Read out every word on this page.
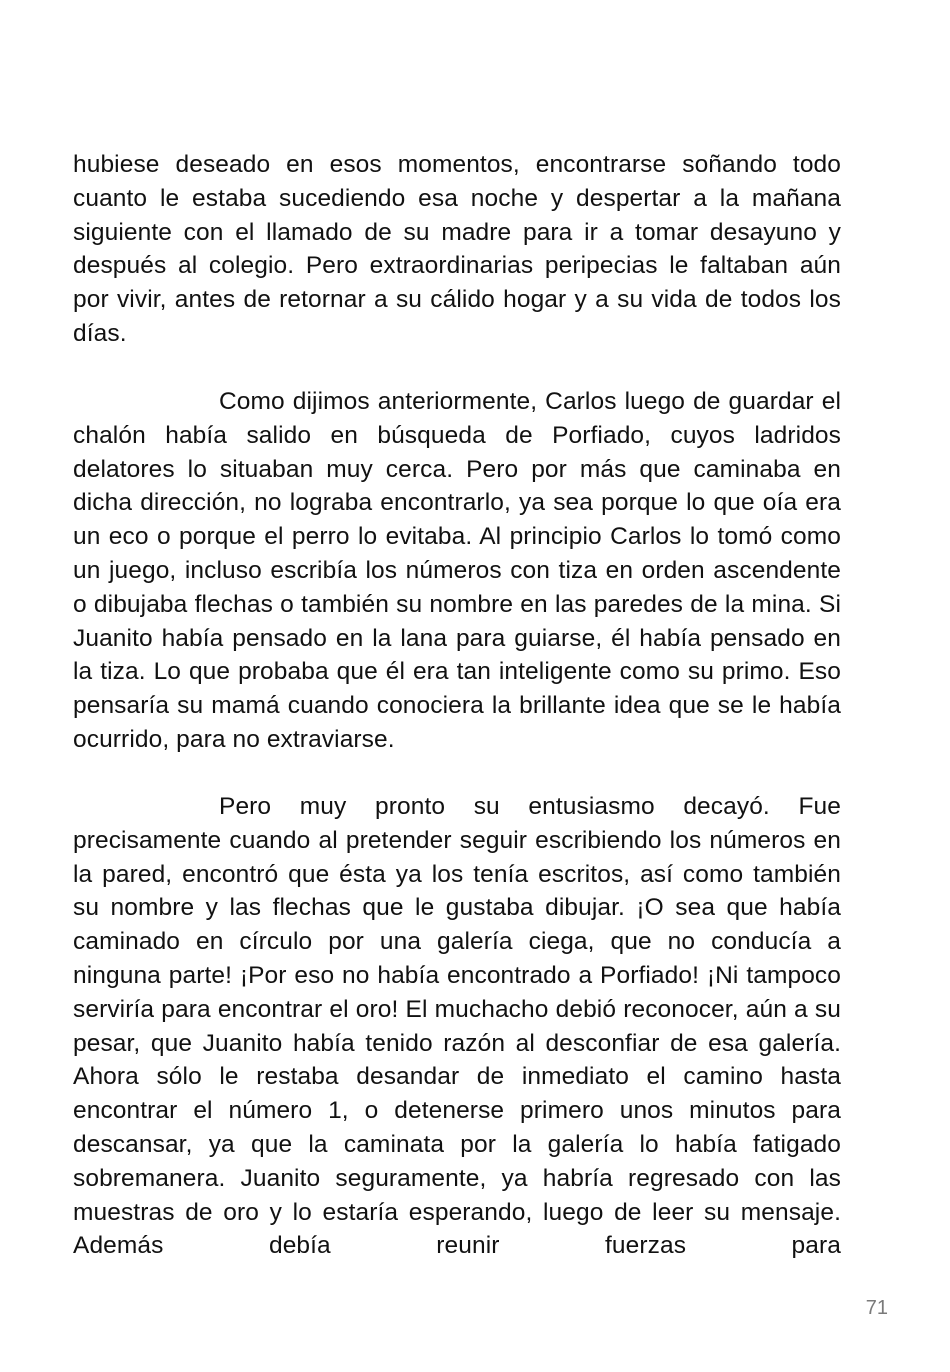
hubiese deseado en esos momentos, encontrarse soñando todo cuanto le estaba sucediendo esa noche y despertar a la mañana siguiente con el llamado de su madre para ir a tomar desayuno y después al colegio. Pero extraordinarias peripecias le faltaban aún por vivir, antes de retornar a su cálido hogar y a su vida de todos los días.

Como dijimos anteriormente, Carlos luego de guardar el chalón había salido en búsqueda de Porfiado, cuyos ladridos delatores lo situaban muy cerca. Pero por más que caminaba en dicha dirección, no lograba encontrarlo, ya sea porque lo que oía era un eco o porque el perro lo evitaba. Al principio Carlos lo tomó como un juego, incluso escribía los números con tiza en orden ascendente o dibujaba flechas o también su nombre en las paredes de la mina. Si Juanito había pensado en la lana para guiarse, él había pensado en la tiza. Lo que probaba que él era tan inteligente como su primo. Eso pensaría su mamá cuando conociera la brillante idea que se le había ocurrido, para no extraviarse.

Pero muy pronto su entusiasmo decayó. Fue precisamente cuando al pretender seguir escribiendo los números en la pared, encontró que ésta ya los tenía escritos, así como también su nombre y las flechas que le gustaba dibujar. ¡O sea que había caminado en círculo por una galería ciega, que no conducía a ninguna parte! ¡Por eso no había encontrado a Porfiado! ¡Ni tampoco serviría para encontrar el oro! El muchacho debió reconocer, aún a su pesar, que Juanito había tenido razón al desconfiar de esa galería. Ahora sólo le restaba desandar de inmediato el camino hasta encontrar el número 1, o detenerse primero unos minutos para descansar, ya que la caminata por la galería lo había fatigado sobremanera. Juanito seguramente, ya habría regresado con las muestras de oro y lo estaría esperando, luego de leer su mensaje. Además debía reunir fuerzas para

71
